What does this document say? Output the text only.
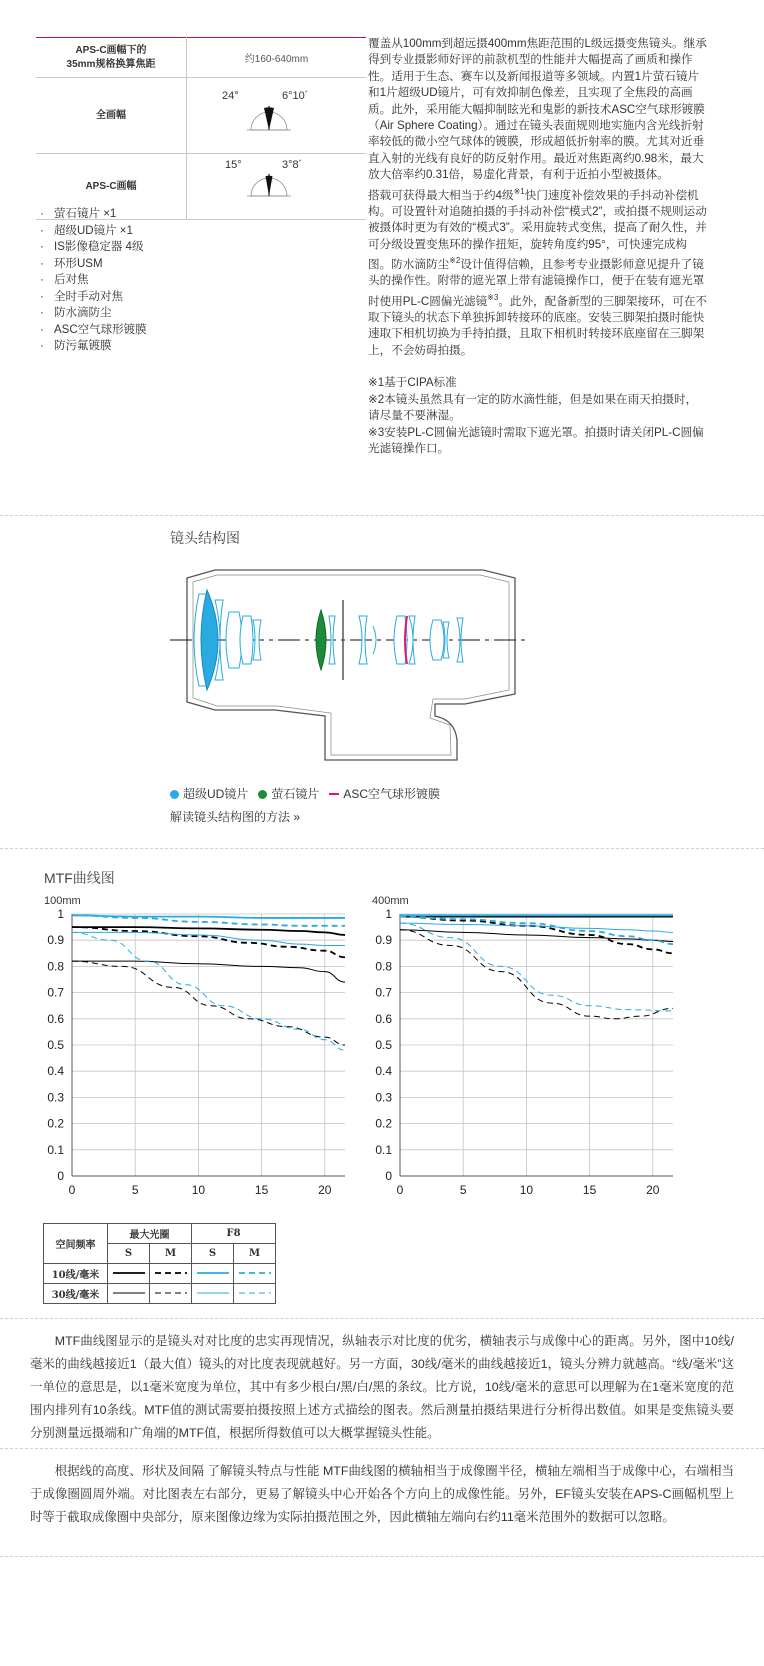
APS-C画幅下的
35mm规格换算焦距	约160-640mm
全画幅	24° 6°10´

APS-C画幅	15° 3°8´
· 萤石镜片 ×1
· 超级UD镜片 ×1
· IS影像稳定器 4级
· 环形USM
· 后对焦
· 全时手动对焦
· 防水滴防尘
· ASC空气球形镀膜
· 防污氟镀膜

覆盖从100mm到超远摄400mm焦距范围的L级远摄变焦镜头。继承得到专业摄影师好评的前款机型的性能并大幅提高了画质和操作性。适用于生态、赛车以及新闻报道等多领域。内置1片萤石镜片和1片超级UD镜片，可有效抑制色像差，且实现了全焦段的高画质。此外，采用能大幅抑制眩光和鬼影的新技术ASC空气球形镀膜（Air Sphere Coating）。通过在镜头表面规则地实施内含光线折射率较低的微小空气球体的镀膜，形成超低折射率的膜。尤其对近垂直入射的光线有良好的防反射作用。最近对焦距离约0.98米，最大放大倍率约0.31倍，易虚化背景，有利于近拍小型被摄体。

搭载可获得最大相当于约4级$^{※1}$快门速度补偿效果的手抖动补偿机构。可设置针对追随拍摄的手抖动补偿“模式2”，或拍摄不规则运动被摄体时更为有效的“模式3”。采用旋转式变焦，提高了耐久性，并可分级设置变焦环的操作扭矩，旋转角度约95°，可快速完成构图。防水滴防尘$^{※2}$设计值得信赖，且参考专业摄影师意见提升了镜头的操作性。附带的遮光罩上带有滤镜操作口，便于在装有遮光罩时使用PL-C圆偏光滤镜$^{※3}$。此外，配备新型的三脚架接环，可在不取下镜头的状态下单独拆卸转接环的底座。安装三脚架拍摄时能快速取下相机切换为手持拍摄，且取下相机时转接环底座留在三脚架上，不会妨碍拍摄。

※1基于CIPA标准

※2本镜头虽然具有一定的防水滴性能，但是如果在雨天拍摄时，请尽量不要淋湿。

※3安装PL-C圆偏光滤镜时需取下遮光罩。拍摄时请关闭PL-C圆偏光滤镜操作口。

镜头结构图
超级UD镜片	萤石镜片	ASC空气球形镀膜
解读镜头结构图的方法 »
MTF曲线图
100mm
0
0.1
0.2
0.3
0.4
0.5
0.6
0.7
0.8
0.9
1
0	5	10	15	20
400mm
0
0.1
0.2
0.3
0.4
0.5
0.6
0.7
0.8
0.9
1
0	5	10	15	20
空间频率	最大光圈		F8	
	S	M	S	M
10线/毫米				
30线/毫米				

MTF曲线图显示的是镜头对对比度的忠实再现情况，纵轴表示对比度的优劣，横轴表示与成像中心的距离。另外，图中10线/毫米的曲线越接近1（最大值）镜头的对比度表现就越好。另一方面，30线/毫米的曲线越接近1，镜头分辨力就越高。“线/毫米”这一单位的意思是，以1毫米宽度为单位，其中有多少根白/黑/白/黑的条纹。比方说，10线/毫米的意思可以理解为在1毫米宽度的范围内排列有10条线。MTF值的测试需要拍摄按照上述方式描绘的图表。然后测量拍摄结果进行分析得出数值。如果是变焦镜头要分别测量远摄端和广角端的MTF值，根据所得数值可以大概掌握镜头性能。

根据线的高度、形状及间隔 了解镜头特点与性能 MTF曲线图的横轴相当于成像圈半径，横轴左端相当于成像中心，右端相当于成像圈圆周外端。对比图表左右部分，更易了解镜头中心开始各个方向上的成像性能。另外，EF镜头安装在APS-C画幅机型上时等于截取成像圈中央部分，原来图像边缘为实际拍摄范围之外，因此横轴左端向右约11毫米范围外的数据可以忽略。
